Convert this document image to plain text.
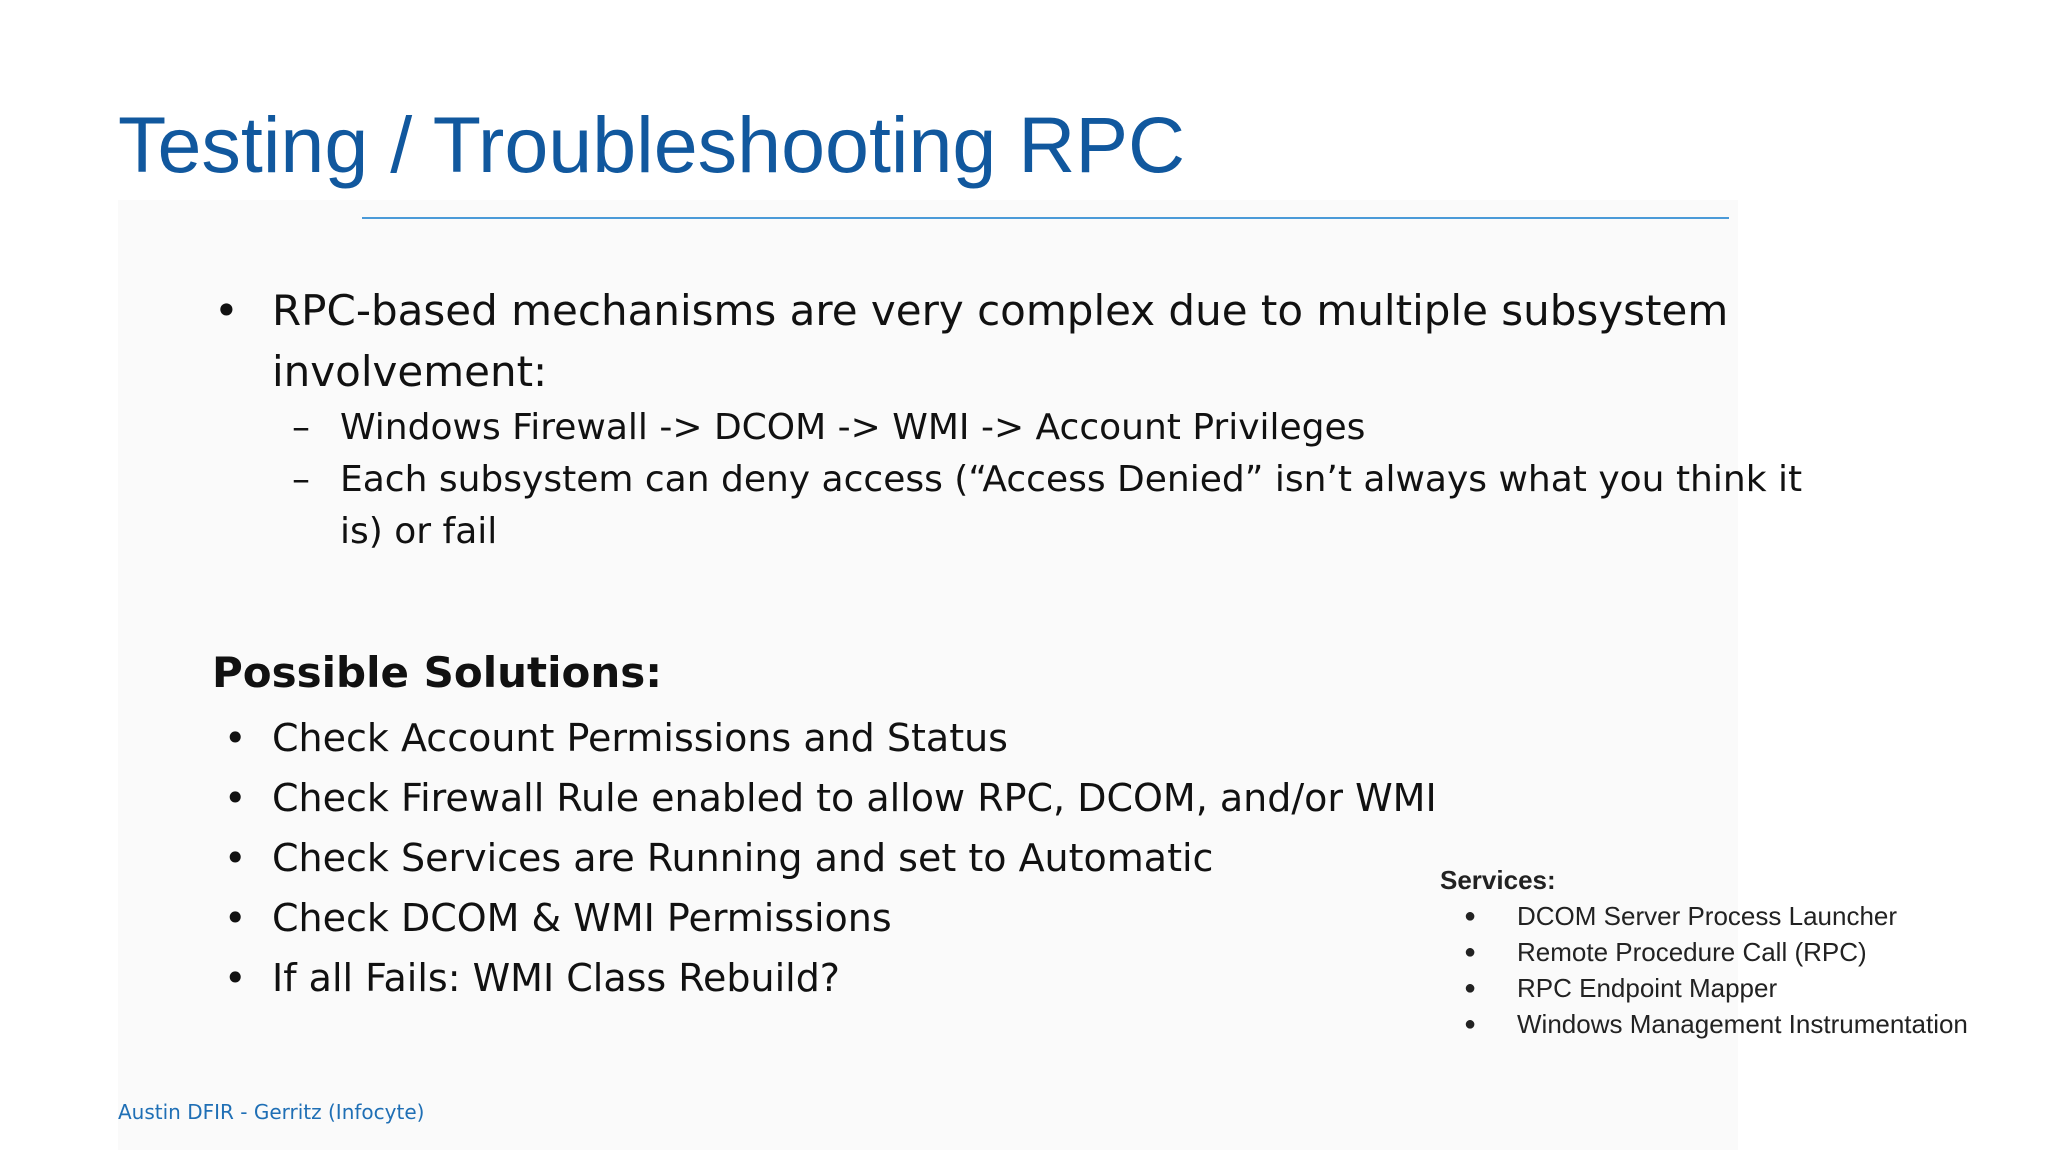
Testing / Troubleshooting RPC
• RPC-based mechanisms are very complex due to multiple subsystem involvement:
– Windows Firewall -> DCOM -> WMI -> Account Privileges
– Each subsystem can deny access (“Access Denied” isn’t always what you think it is) or fail
Possible Solutions:
• Check Account Permissions and Status
• Check Firewall Rule enabled to allow RPC, DCOM, and/or WMI
• Check Services are Running and set to Automatic
• Check DCOM & WMI Permissions
• If all Fails: WMI Class Rebuild?

Services:

● DCOM Server Process Launcher
● Remote Procedure Call (RPC)
● RPC Endpoint Mapper
● Windows Management Instrumentation
Austin DFIR - Gerritz (Infocyte)
